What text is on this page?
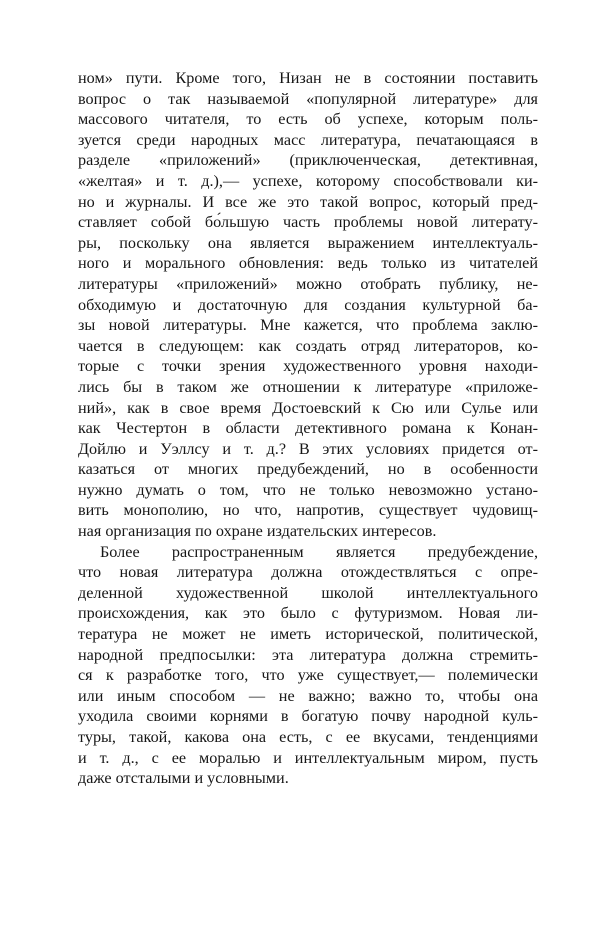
ном» пути. Кроме того, Низан не в состоянии поставить
вопрос о так называемой «популярной литературе» для
массового читателя, то есть об успехе, которым поль-
зуется среди народных масс литература, печатающаяся в
разделе «приложений» (приключенческая, детективная,
«желтая» и т. д.),— успехе, которому способствовали ки-
но и журналы. И все же это такой вопрос, который пред-
ставляет собой бо́льшую часть проблемы новой литерату-
ры, поскольку она является выражением интеллектуаль-
ного и морального обновления: ведь только из читателей
литературы «приложений» можно отобрать публику, не-
обходимую и достаточную для создания культурной ба-
зы новой литературы. Мне кажется, что проблема заклю-
чается в следующем: как создать отряд литераторов, ко-
торые с точки зрения художественного уровня находи-
лись бы в таком же отношении к литературе «приложе-
ний», как в свое время Достоевский к Сю или Сулье или
как Честертон в области детективного романа к Конан-
Дойлю и Уэллсу и т. д.? В этих условиях придется от-
казаться от многих предубеждений, но в особенности
нужно думать о том, что не только невозможно устано-
вить монополию, но что, напротив, существует чудовищ-
ная организация по охране издательских интересов.
Более распространенным является предубеждение,
что новая литература должна отождествляться с опре-
деленной художественной школой интеллектуального
происхождения, как это было с футуризмом. Новая ли-
тература не может не иметь исторической, политической,
народной предпосылки: эта литература должна стремить-
ся к разработке того, что уже существует,— полемически
или иным способом — не важно; важно то, чтобы она
уходила своими корнями в богатую почву народной куль-
туры, такой, какова она есть, с ее вкусами, тенденциями
и т. д., с ее моралью и интеллектуальным миром, пусть
даже отсталыми и условными.
